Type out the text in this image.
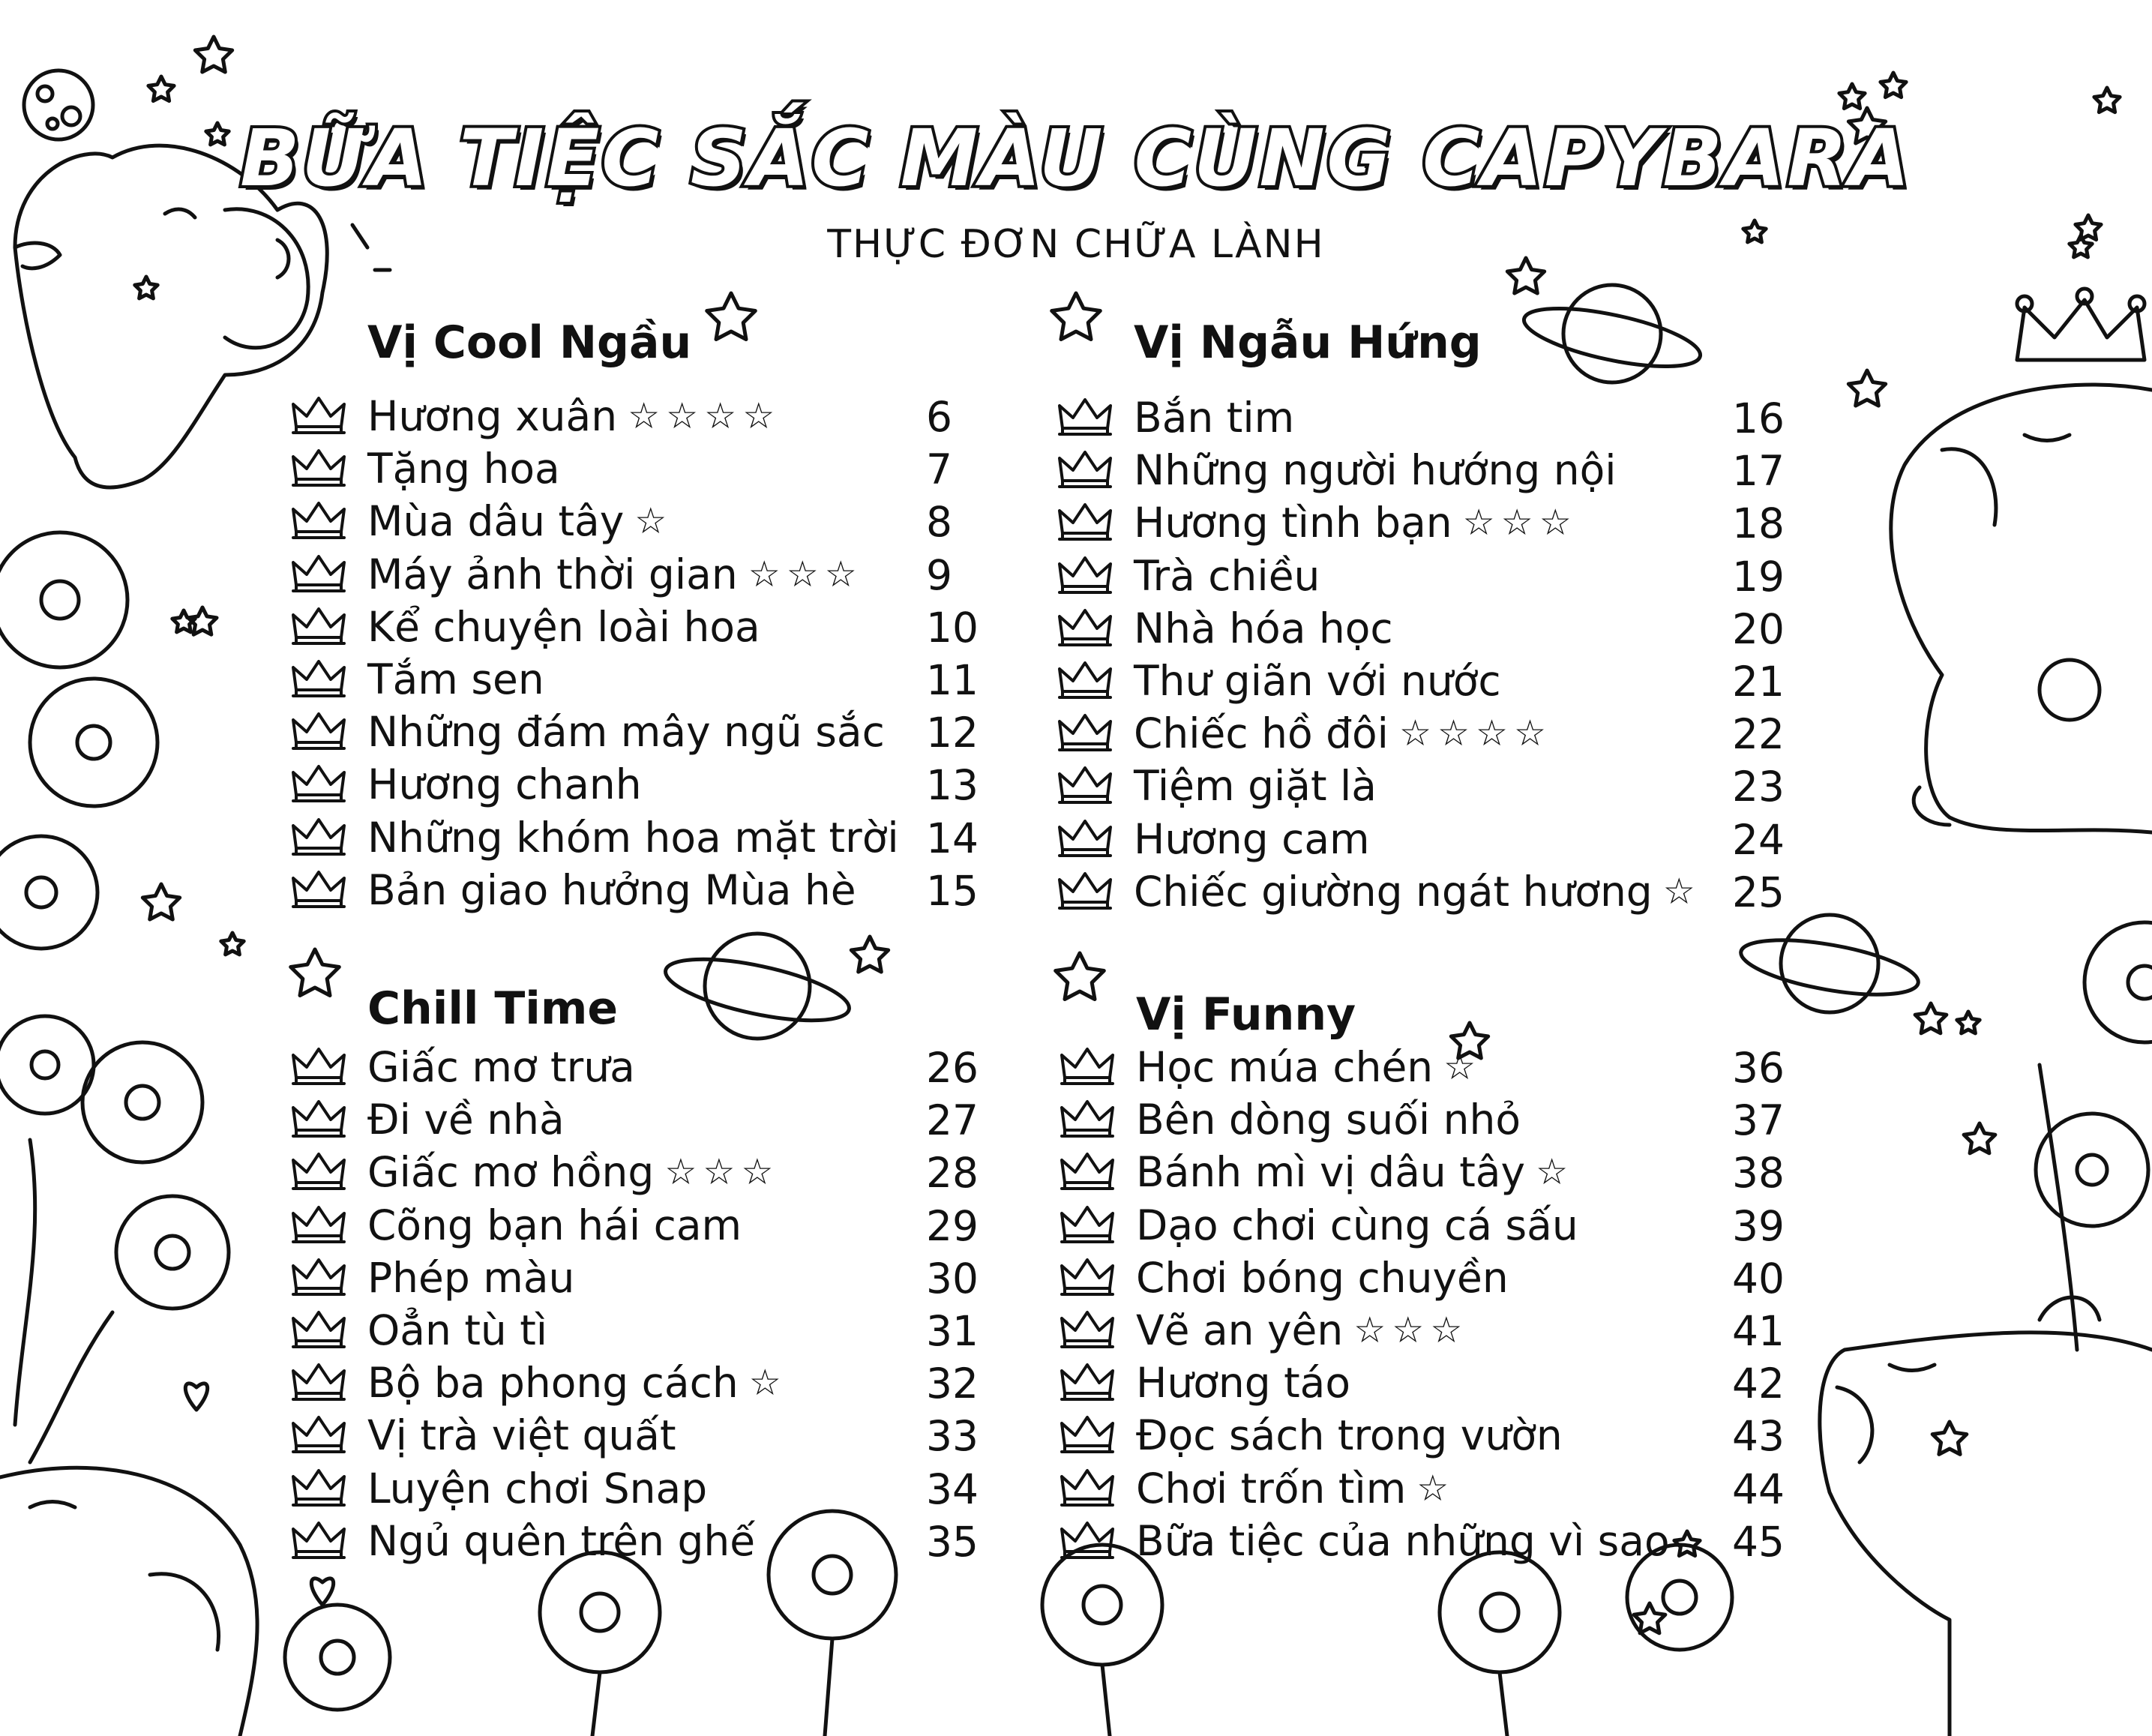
BỮA TIỆC SẮC MÀU CÙNG CAPYBARA
THỰC ĐƠN CHỮA LÀNH
Vị Cool Ngầu	Vị Ngẫu Hứng
Chill Time	Vị Funny
Hương xuân ☆☆☆☆	6
Tặng hoa	7
Mùa dâu tây ☆	8
Máy ảnh thời gian ☆☆☆ 9
Kể chuyện loài hoa	10
Tắm sen	11
Những đám mây ngũ sắc 12
Hương chanh	13
Những khóm hoa mặt trời 14
Bản giao hưởng Mùa hè 15
Bắn tim	16
Những người hướng nội	17
Hương tình bạn ☆☆☆	18
Trà chiều	19
Nhà hóa học	20
Thư giãn với nước	21
Chiếc hồ đôi ☆☆☆☆	22
Tiệm giặt là	23
Hương cam	24
Chiếc giường ngát hương ☆ 25
Giấc mơ trưa	26
Đi về nhà	27
Giấc mơ hồng ☆☆☆	28
Cõng bạn hái cam	29
Phép màu	30
Oẳn tù tì	31
Bộ ba phong cách ☆	32
Vị trà việt quất	33
Luyện chơi Snap	34
Ngủ quên trên ghế	35
Học múa chén ☆	36
Bên dòng suối nhỏ	37
Bánh mì vị dâu tây ☆	38
Dạo chơi cùng cá sấu	39
Chơi bóng chuyền	40
Vẽ an yên ☆☆☆	41
Hương táo	42
Đọc sách trong vườn	43
Chơi trốn tìm ☆	44
Bữa tiệc của những vì sao 45
